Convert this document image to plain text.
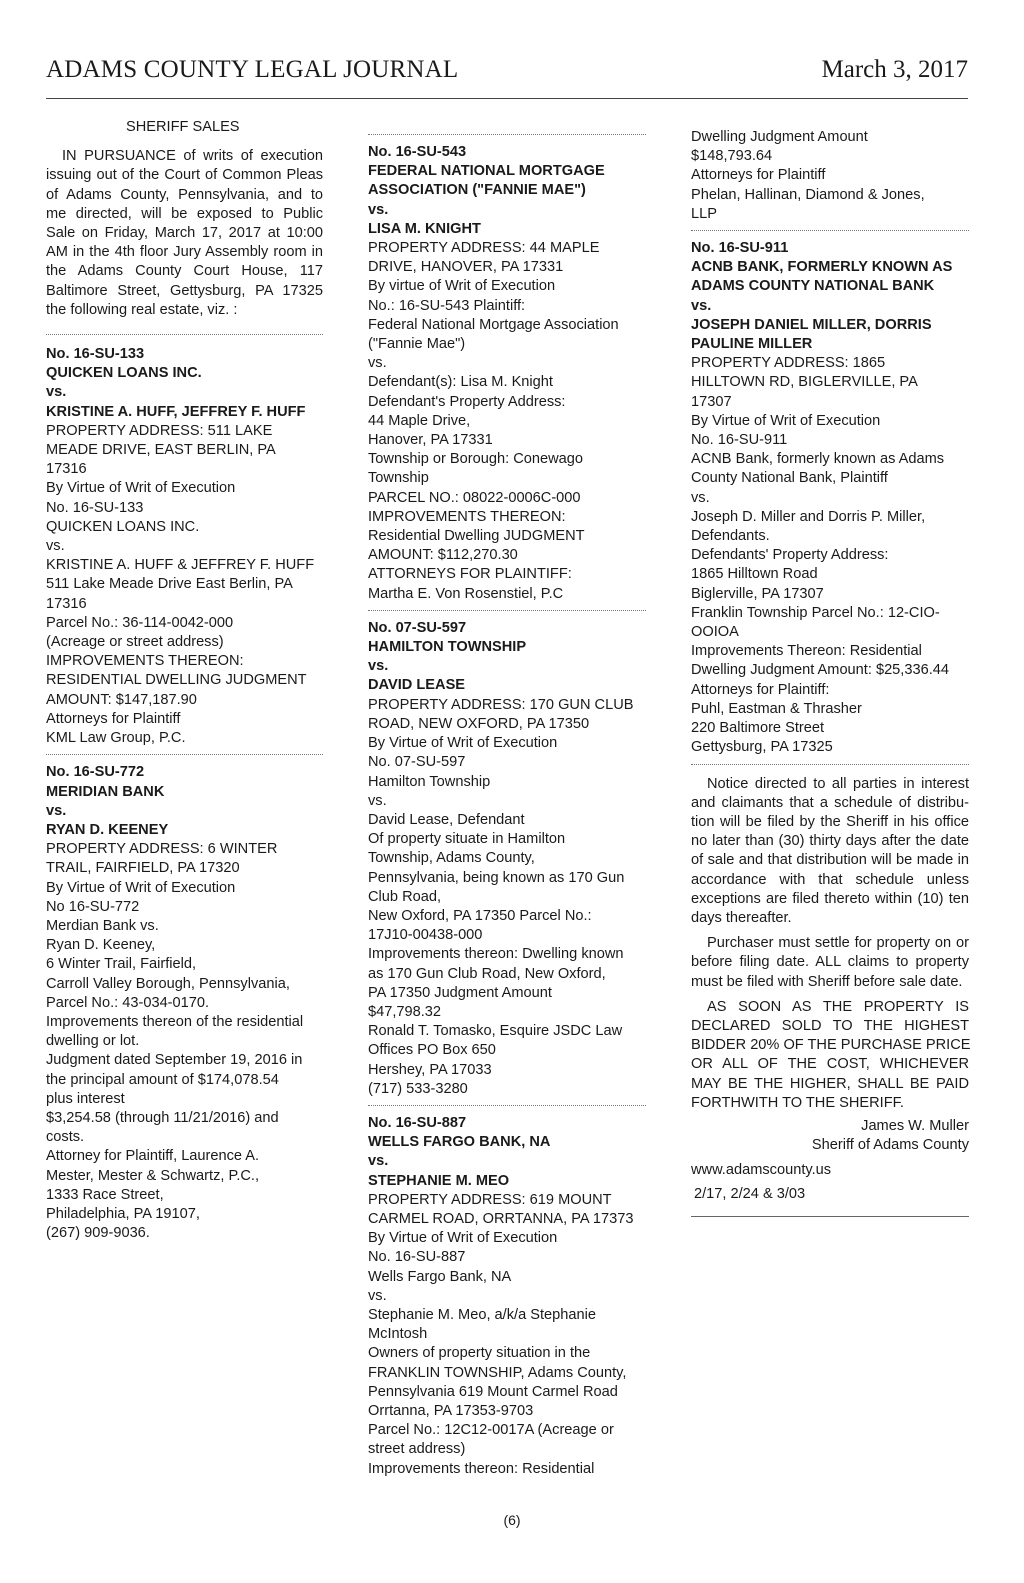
ADAMS COUNTY LEGAL JOURNAL	March 3, 2017
SHERIFF SALES
IN PURSUANCE of writs of execution
issuing out of the Court of Common Pleas
of Adams County, Pennsylvania, and to
me directed, will be exposed to Public
Sale on Friday, March 17, 2017 at 10:00
AM in the 4th floor Jury Assembly room in
the Adams County Court House, 117
Baltimore Street, Gettysburg, PA 17325
the following real estate, viz. :
No. 16-SU-133
QUICKEN LOANS INC.
vs.
KRISTINE A. HUFF, JEFFREY F. HUFF
PROPERTY ADDRESS: 511 LAKE
MEADE DRIVE, EAST BERLIN, PA
17316
By Virtue of Writ of Execution
No. 16-SU-133
QUICKEN LOANS INC.
vs.
KRISTINE A. HUFF & JEFFREY F. HUFF
511 Lake Meade Drive East Berlin, PA
17316
Parcel No.: 36-114-0042-000
(Acreage or street address)
IMPROVEMENTS THEREON:
RESIDENTIAL DWELLING JUDGMENT
AMOUNT: $147,187.90
Attorneys for Plaintiff
KML Law Group, P.C.
No. 16-SU-772
MERIDIAN BANK
vs.
RYAN D. KEENEY
PROPERTY ADDRESS: 6 WINTER
TRAIL, FAIRFIELD, PA 17320
By Virtue of Writ of Execution
No 16-SU-772
Merdian Bank vs.
Ryan D. Keeney,
6 Winter Trail, Fairfield,
Carroll Valley Borough, Pennsylvania,
Parcel No.: 43-034-0170.
Improvements thereon of the residential
dwelling or lot.
Judgment dated September 19, 2016 in
the principal amount of $174,078.54
plus interest
$3,254.58 (through 11/21/2016) and
costs.
Attorney for Plaintiff, Laurence A.
Mester, Mester & Schwartz, P.C.,
1333 Race Street,
Philadelphia, PA 19107,
(267) 909-9036.
No. 16-SU-543
FEDERAL NATIONAL MORTGAGE
ASSOCIATION ("FANNIE MAE")
vs.
LISA M. KNIGHT
PROPERTY ADDRESS: 44 MAPLE
DRIVE, HANOVER, PA 17331
By virtue of Writ of Execution
No.: 16-SU-543 Plaintiff:
Federal National Mortgage Association
("Fannie Mae")
vs.
Defendant(s): Lisa M. Knight
Defendant's Property Address:
44 Maple Drive,
Hanover, PA 17331
Township or Borough: Conewago
Township
PARCEL NO.: 08022-0006C-000
IMPROVEMENTS THEREON:
Residential Dwelling JUDGMENT
AMOUNT: $112,270.30
ATTORNEYS FOR PLAINTIFF:
Martha E. Von Rosenstiel, P.C
No. 07-SU-597
HAMILTON TOWNSHIP
vs.
DAVID LEASE
PROPERTY ADDRESS: 170 GUN CLUB
ROAD, NEW OXFORD, PA 17350
By Virtue of Writ of Execution
No. 07-SU-597
Hamilton Township
vs.
David Lease, Defendant
Of property situate in Hamilton
Township, Adams County,
Pennsylvania, being known as 170 Gun
Club Road,
New Oxford, PA 17350 Parcel No.:
17J10-00438-000
Improvements thereon: Dwelling known
as 170 Gun Club Road, New Oxford,
PA 17350 Judgment Amount
$47,798.32
Ronald T. Tomasko, Esquire JSDC Law
Offices PO Box 650
Hershey, PA 17033
(717) 533-3280
No. 16-SU-887
WELLS FARGO BANK, NA
vs.
STEPHANIE M. MEO
PROPERTY ADDRESS: 619 MOUNT
CARMEL ROAD, ORRTANNA, PA 17373
By Virtue of Writ of Execution
No. 16-SU-887
Wells Fargo Bank, NA
vs.
Stephanie M. Meo, a/k/a Stephanie
McIntosh
Owners of property situation in the
FRANKLIN TOWNSHIP, Adams County,
Pennsylvania 619 Mount Carmel Road
Orrtanna, PA 17353-9703
Parcel No.: 12C12-0017A (Acreage or
street address)
Improvements thereon: Residential
Dwelling Judgment Amount
$148,793.64
Attorneys for Plaintiff
Phelan, Hallinan, Diamond & Jones,
LLP
No. 16-SU-911
ACNB BANK, FORMERLY KNOWN AS
ADAMS COUNTY NATIONAL BANK
vs.
JOSEPH DANIEL MILLER, DORRIS
PAULINE MILLER
PROPERTY ADDRESS: 1865
HILLTOWN RD, BIGLERVILLE, PA
17307
By Virtue of Writ of Execution
No. 16-SU-911
ACNB Bank, formerly known as Adams
County National Bank, Plaintiff
vs.
Joseph D. Miller and Dorris P. Miller,
Defendants.
Defendants' Property Address:
1865 Hilltown Road
Biglerville, PA 17307
Franklin Township Parcel No.: 12-CIO-
OOIOA
Improvements Thereon: Residential
Dwelling Judgment Amount: $25,336.44
Attorneys for Plaintiff:
Puhl, Eastman & Thrasher
220 Baltimore Street
Gettysburg, PA 17325
Notice directed to all parties in interest
and claimants that a schedule of distribu-
tion will be filed by the Sheriff in his office
no later than (30) thirty days after the date
of sale and that distribution will be made in
accordance with that schedule unless
exceptions are filed thereto within (10) ten
days thereafter.
Purchaser must settle for property on or
before filing date. ALL claims to property
must be filed with Sheriff before sale date.
AS SOON AS THE PROPERTY IS
DECLARED SOLD TO THE HIGHEST
BIDDER 20% OF THE PURCHASE PRICE
OR ALL OF THE COST, WHICHEVER
MAY BE THE HIGHER, SHALL BE PAID
FORTHWITH TO THE SHERIFF.
James W. Muller
Sheriff of Adams County
www.adamscounty.us
2/17, 2/24 & 3/03
(6)
